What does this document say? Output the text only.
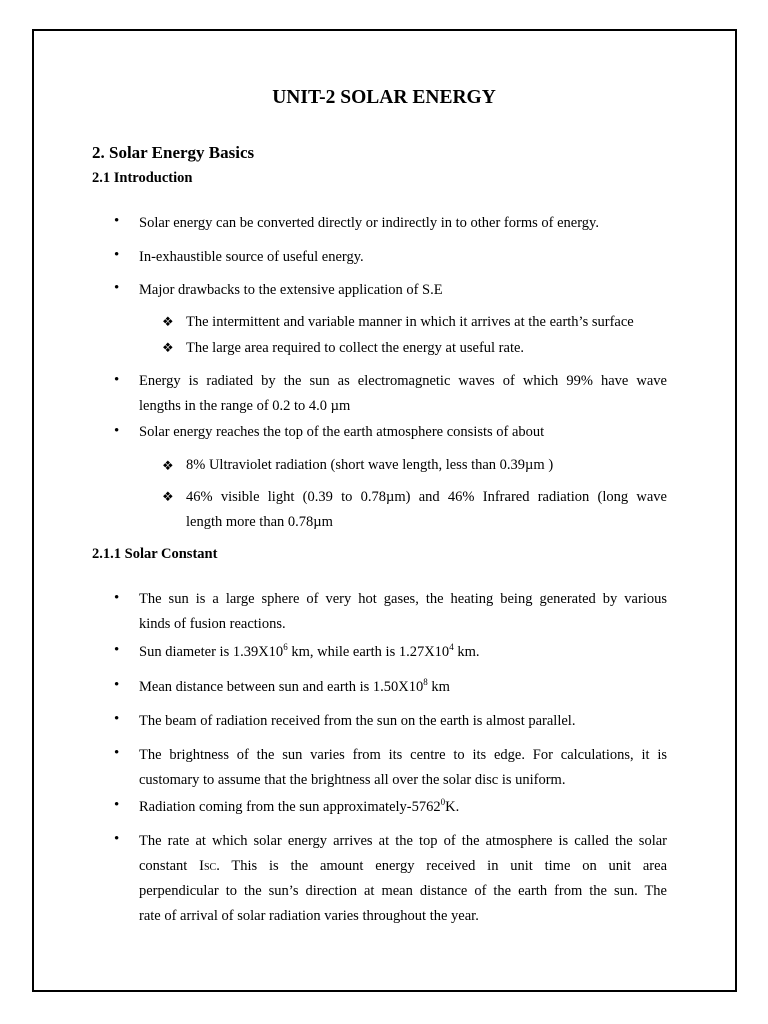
UNIT-2 SOLAR ENERGY
2. Solar Energy Basics
2.1 Introduction
• Solar energy can be converted directly or indirectly in to other forms of energy.
• In-exhaustible source of useful energy.
• Major drawbacks to the extensive application of S.E
❖ The intermittent and variable manner in which it arrives at the earth’s surface
❖ The large area required to collect the energy at useful rate.
• Energy is radiated by the sun as electromagnetic waves of which 99% have wave
lengths in the range of 0.2 to 4.0 µm
• Solar energy reaches the top of the earth atmosphere consists of about
❖ 8% Ultraviolet radiation (short wave length, less than 0.39µm )
❖ 46% visible light (0.39 to 0.78µm) and 46% Infrared radiation (long wave
length more than 0.78µm
2.1.1 Solar Constant
• The sun is a large sphere of very hot gases, the heating being generated by various
kinds of fusion reactions.
• Sun diameter is $1.39X10^6$ km, while earth is $1.27X10^4$ km.
• Mean distance between sun and earth is $1.50X10^8$ km
• The beam of radiation received from the sun on the earth is almost parallel.
• The brightness of the sun varies from its centre to its edge. For calculations, it is
customary to assume that the brightness all over the solar disc is uniform.
• Radiation coming from the sun approximately-5762$^0$K.
• The rate at which solar energy arrives at the top of the atmosphere is called the solar
constant ISC. This is the amount energy received in unit time on unit area
perpendicular to the sun’s direction at mean distance of the earth from the sun. The
rate of arrival of solar radiation varies throughout the year.
